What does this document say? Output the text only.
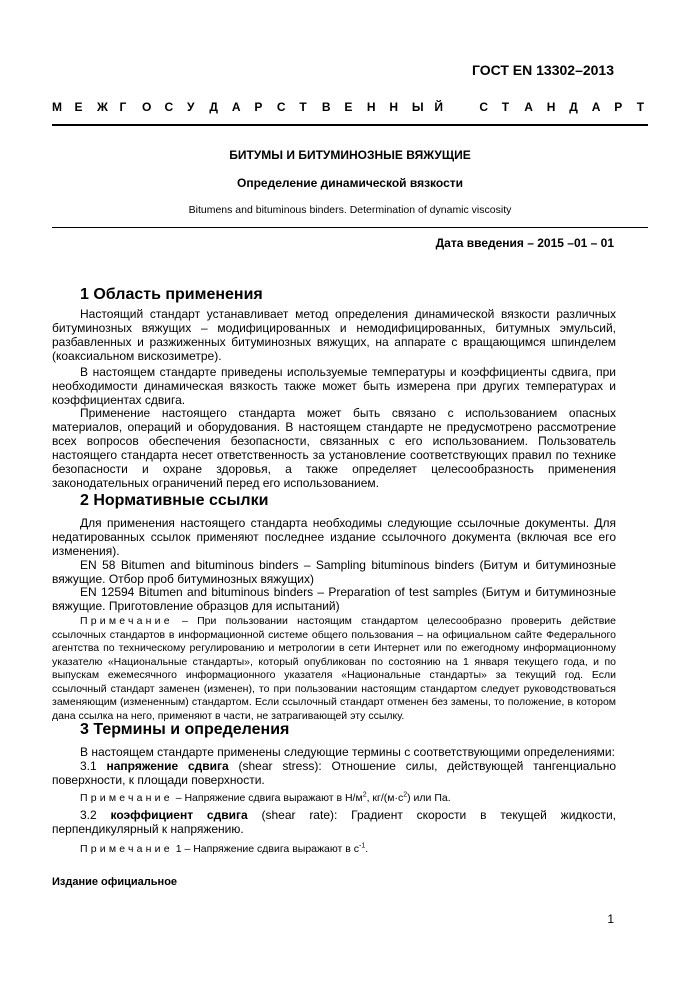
ГОСТ EN 13302–2013
М Е Ж Г О С У Д А Р С Т В Е Н Н Ы Й	С Т А Н Д А Р Т
БИТУМЫ И БИТУМИНОЗНЫЕ ВЯЖУЩИЕ
Определение динамической вязкости
Bitumens and bituminous binders. Determination of dynamic viscosity
Дата введения – 2015 –01 – 01
1 Область применения
Настоящий стандарт устанавливает метод определения динамической вязкости различных битуминозных вяжущих – модифицированных и немодифицированных, битумных эмульсий, разбавленных и разжиженных битуминозных вяжущих, на аппарате с вращающимся шпинделем (коаксиальном вискозиметре).
В настоящем стандарте приведены используемые температуры и коэффициенты сдвига, при необходимости динамическая вязкость также может быть измерена при других температурах и коэффициентах сдвига.
Применение настоящего стандарта может быть связано с использованием опасных материалов, операций и оборудования. В настоящем стандарте не предусмотрено рассмотрение всех вопросов обеспечения безопасности, связанных с его использованием. Пользователь настоящего стандарта несет ответственность за установление соответствующих правил по технике безопасности и охране здоровья, а также определяет целесообразность применения законодательных ограничений перед его использованием.
2 Нормативные ссылки
Для применения настоящего стандарта необходимы следующие ссылочные документы. Для недатированных ссылок применяют последнее издание ссылочного документа (включая все его изменения).
EN 58 Bitumen and bituminous binders – Sampling bituminous binders (Битум и битуминозные вяжущие. Отбор проб битуминозных вяжущих)
EN 12594 Bitumen and bituminous binders – Preparation of test samples (Битум и битуминозные вяжущие. Приготовление образцов для испытаний)
Примечание – При пользовании настоящим стандартом целесообразно проверить действие ссылочных стандартов в информационной системе общего пользования – на официальном сайте Федерального агентства по техническому регулированию и метрологии в сети Интернет или по ежегодному информационному указателю «Национальные стандарты», который опубликован по состоянию на 1 января текущего года, и по выпускам ежемесячного информационного указателя «Национальные стандарты» за текущий год. Если ссылочный стандарт заменен (изменен), то при пользовании настоящим стандартом следует руководствоваться заменяющим (измененным) стандартом. Если ссылочный стандарт отменен без замены, то положение, в котором дана ссылка на него, применяют в части, не затрагивающей эту ссылку.
3 Термины и определения
В настоящем стандарте применены следующие термины с соответствующими определениями:
3.1 напряжение сдвига (shear stress): Отношение силы, действующей тангенциально поверхности, к площади поверхности.
Примечание – Напряжение сдвига выражают в $Н/м^2$, $кг/(м\cdot с^2)$ или Па.
3.2 коэффициент сдвига (shear rate): Градиент скорости в текущей жидкости, перпендикулярный к напряжению.
Примечание 1 – Напряжение сдвига выражают в $с^{-1}$.
Издание официальное
1
